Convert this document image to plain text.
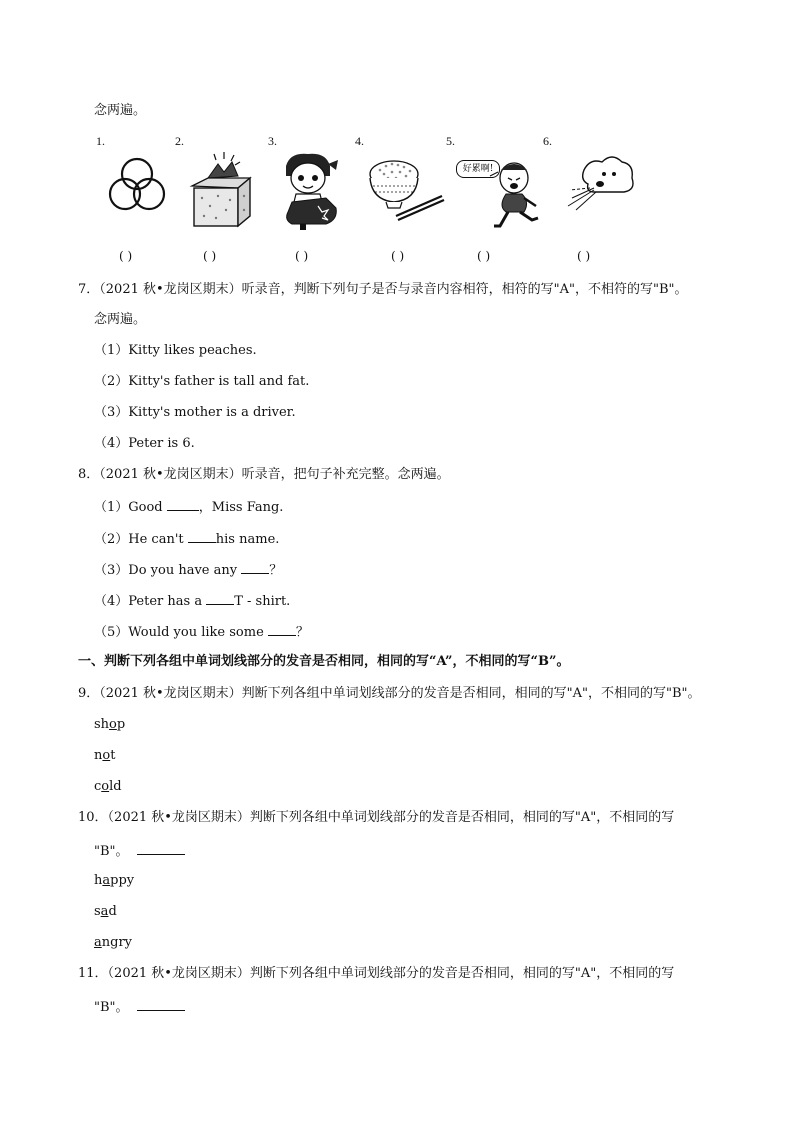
念两遍。
1.	2.	3.	4.	5.	6.
好累啊!
( )	( )	( )	( )	( )	( )
7．（2021 秋•龙岗区期末）听录音，判断下列句子是否与录音内容相符，相符的写"A"，不相符的写"B"。
念两遍。
（1）Kitty likes peaches.
（2）Kitty's father is tall and fat.
（3）Kitty's mother is a driver.
（4）Peter is 6.
8．（2021 秋•龙岗区期末）听录音，把句子补充完整。念两遍。
（1）Good ，Miss Fang.
（2）He can't his name.
（3）Do you have any ？
（4）Peter has a T - shirt.
（5）Would you like some ？
一、判断下列各组中单词划线部分的发音是否相同，相同的写“A”，不相同的写“B”。
9．（2021 秋•龙岗区期末）判断下列各组中单词划线部分的发音是否相同，相同的写"A"，不相同的写"B"。
shop
not
cold
10．（2021 秋•龙岗区期末）判断下列各组中单词划线部分的发音是否相同，相同的写"A"，不相同的写
"B"。
happy
sad
angry
11．（2021 秋•龙岗区期末）判断下列各组中单词划线部分的发音是否相同，相同的写"A"，不相同的写
"B"。
